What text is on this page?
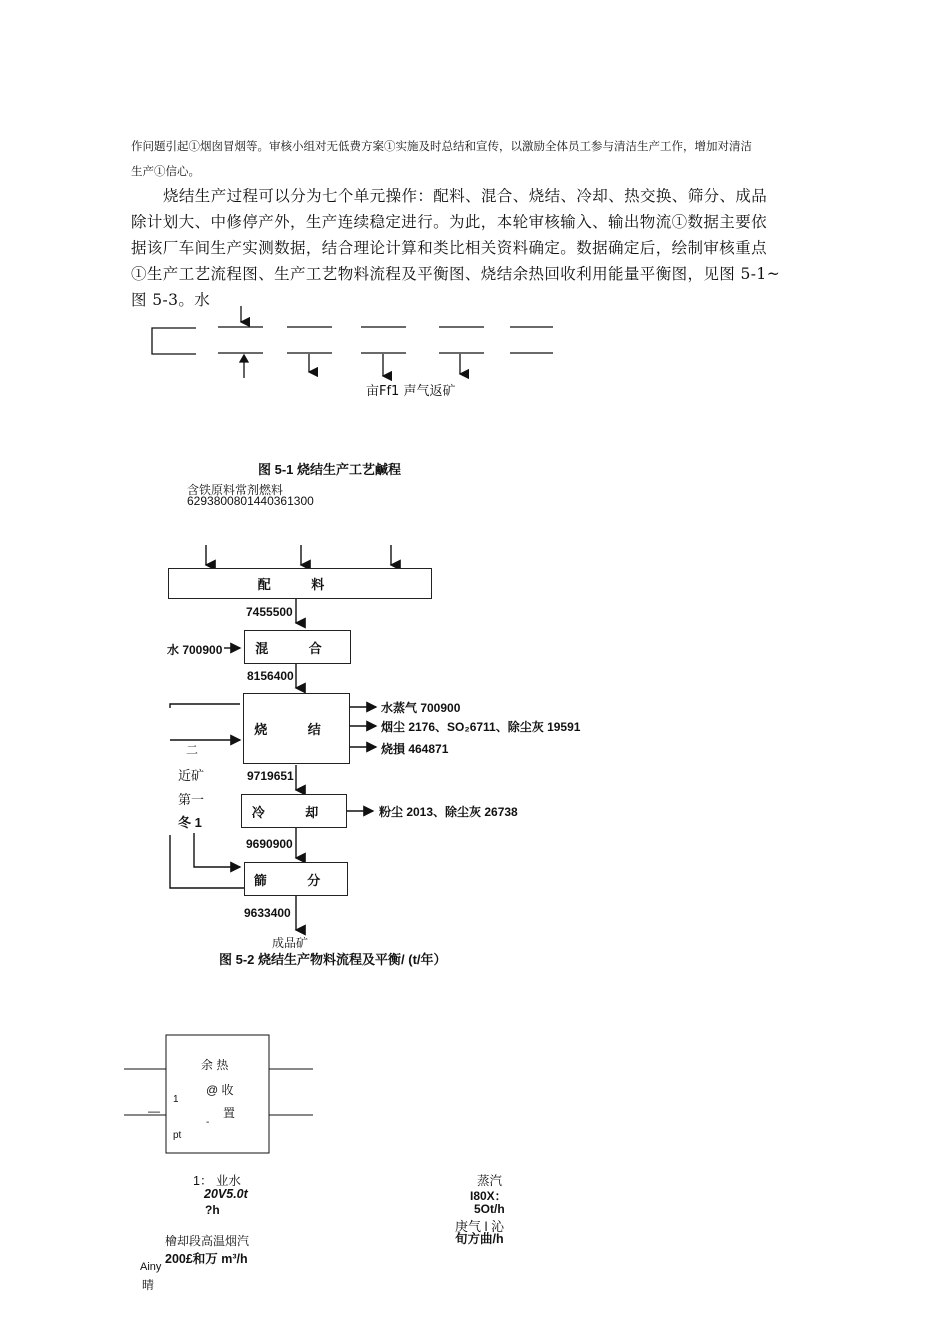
作问题引起①烟囱冒烟等。审核小组对无低费方案①实施及时总结和宣传，以激励全体员工参与清洁生产工作，增加对清洁
生产①信心。
烧结生产过程可以分为七个单元操作：配料、混合、烧结、冷却、热交换、筛分、成品
除计划大、中修停产外，生产连续稳定进行。为此，本轮审核输入、输出物流①数据主要依
据该厂车间生产实测数据，结合理论计算和类比相关资料确定。数据确定后，绘制审核重点
①生产工艺流程图、生产工艺物料流程及平衡图、烧结余热回收利用能量平衡图，见图 5-1~
图 5-3。水
亩Ff1 声气返矿
图 5-1 烧结生产工艺鹹程
含铁原料常剂燃料
6293800801440361300
配 料
混 合
烧 结
冷 却
篩 分
7455500
水 700900
8156400
9719651
9690900
9633400
水蒸气 700900
烟尘 2176、SO₂6711、除尘灰 19591
烧損 464871
粉尘 2013、除尘灰 26738
二
近矿
第一
冬 1
成品矿
图 5-2 烧结生产物料流程及平衡/ (t/年）
余 热
@ 收
置
1
pt
-
—
1： 业水
20V5.0t
?h
蒸汽
I80X：
5Ot/h
庚气 l 沁
旬方曲/h
檜却段高温烟汽
200£和万 m³/h
Ainy
晴
